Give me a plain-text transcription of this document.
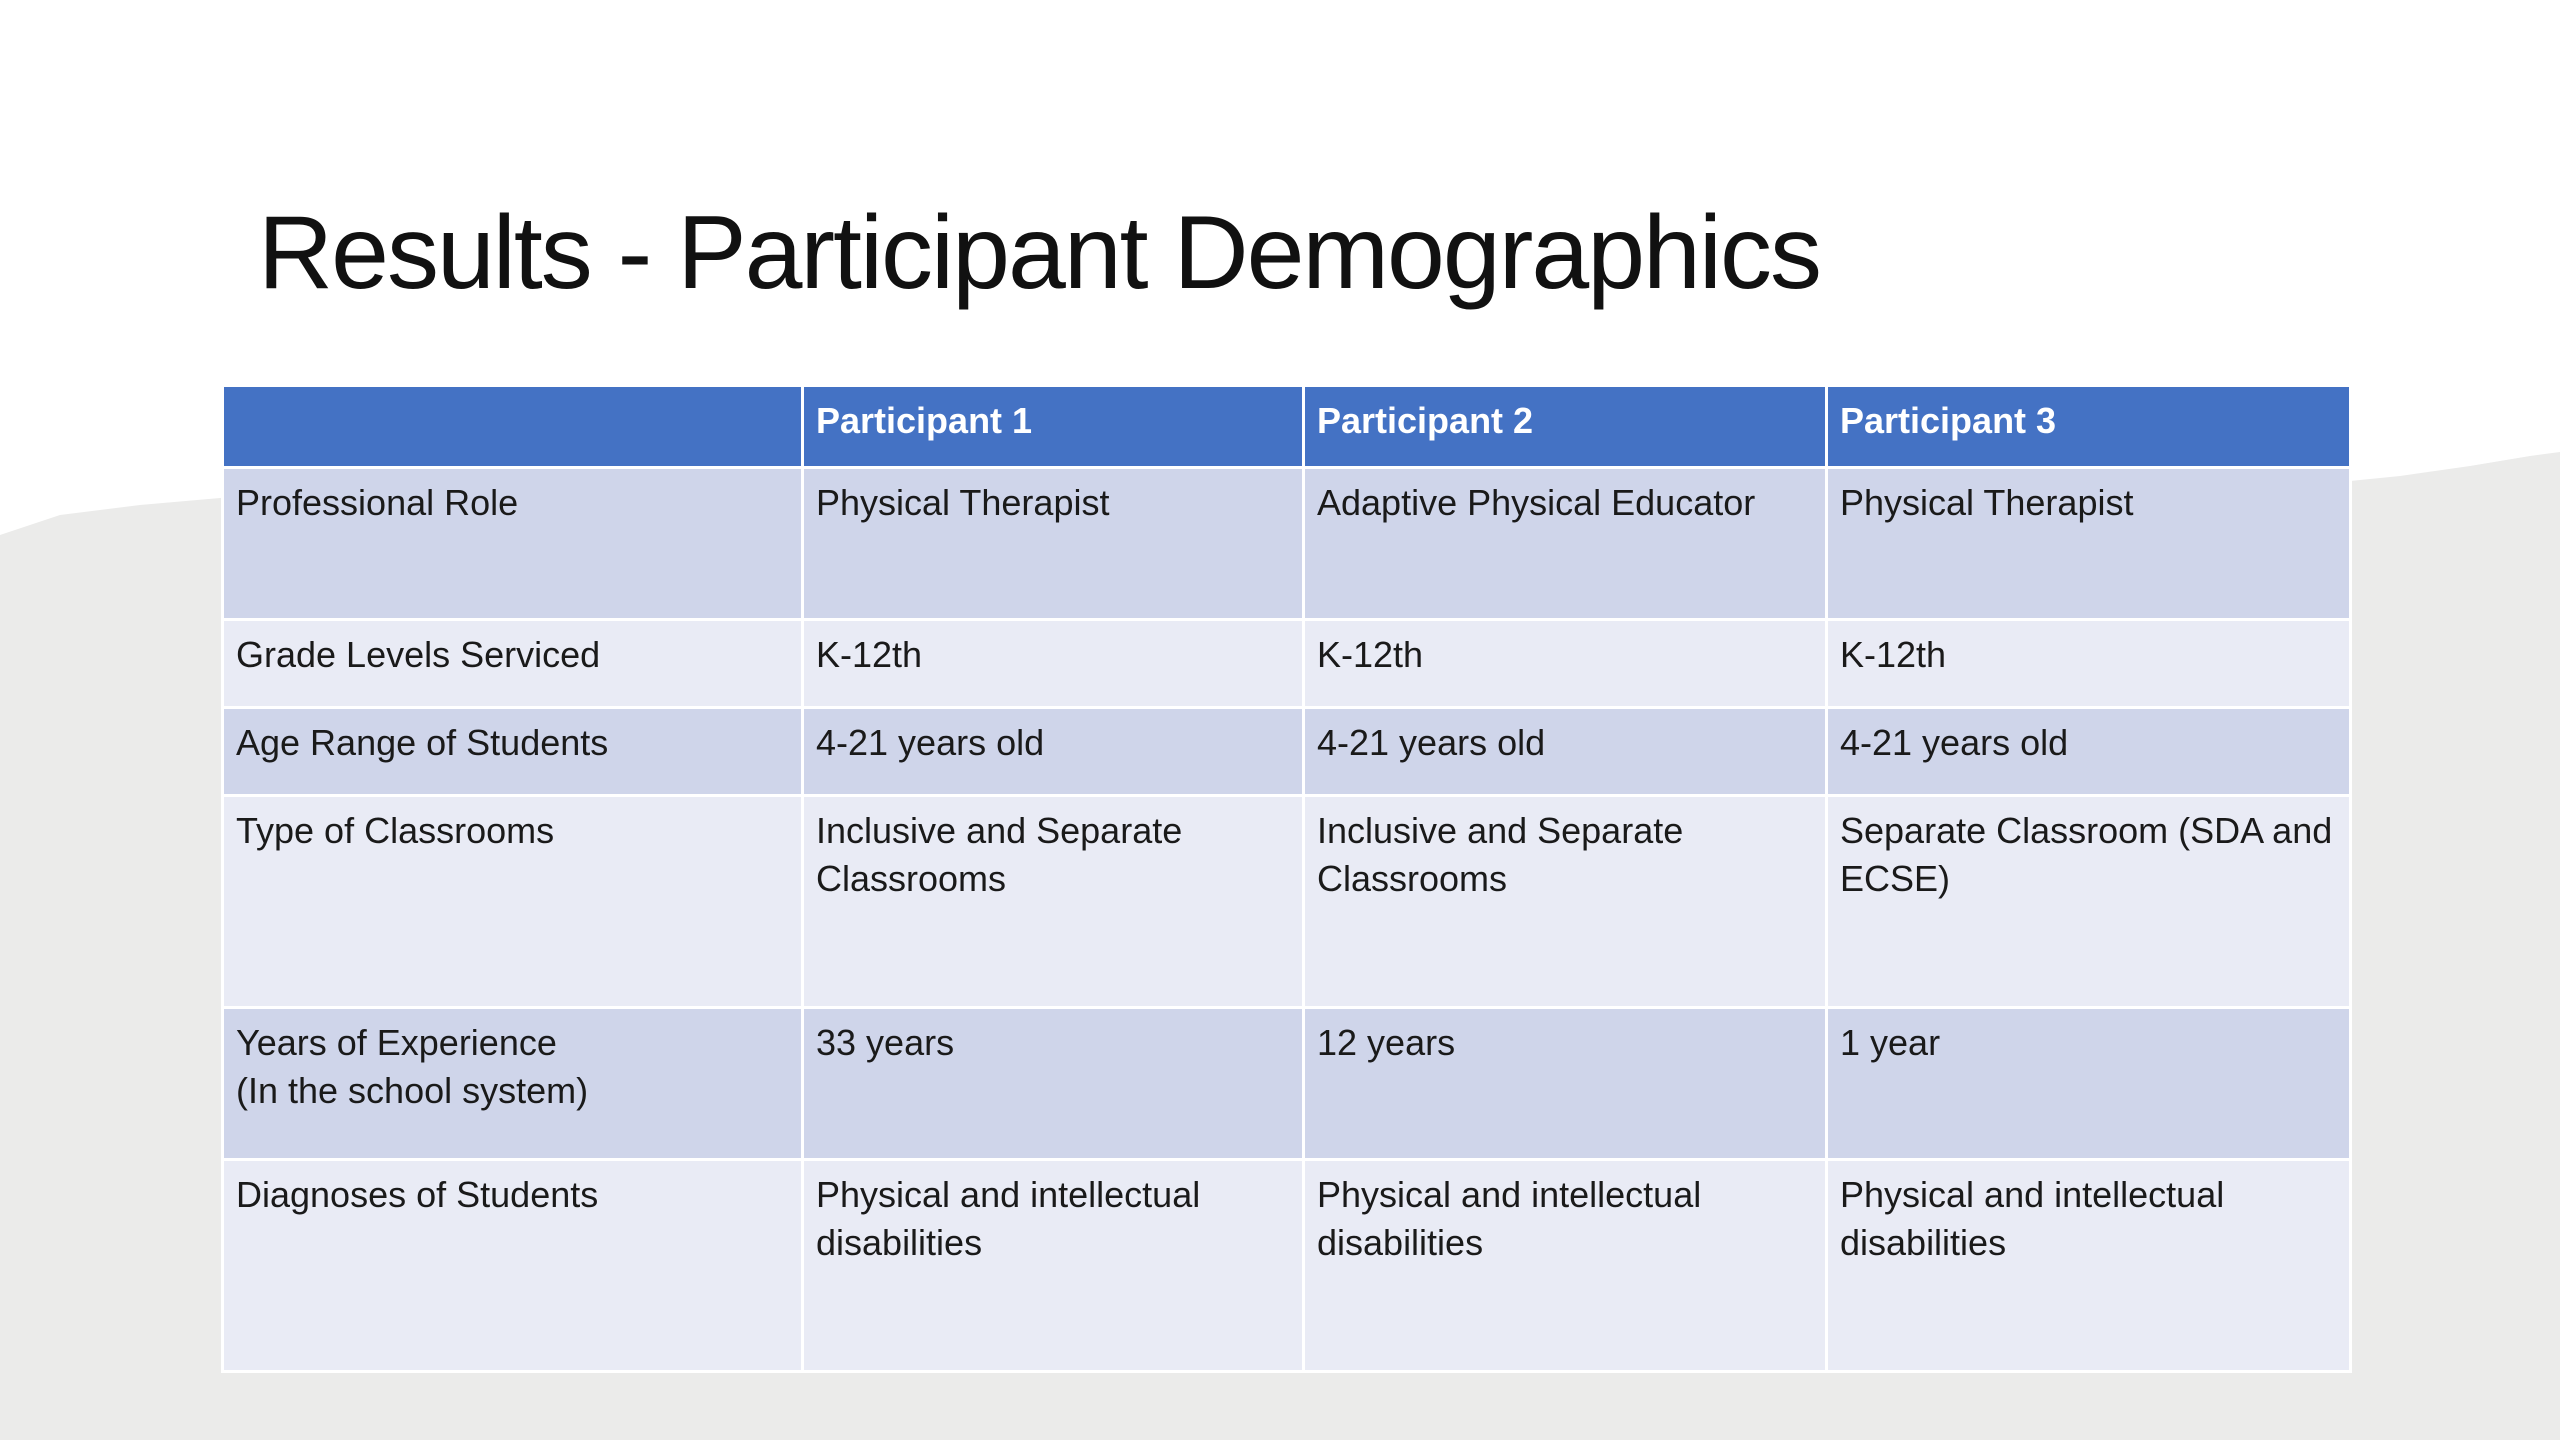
Results - Participant Demographics
	Participant 1	Participant 2	Participant 3
Professional Role	Physical Therapist	Adaptive Physical Educator	Physical Therapist
Grade Levels Serviced	K-12th	K-12th	K-12th
Age Range of Students	4-21 years old	4-21 years old	4-21 years old
Type of Classrooms	Inclusive and Separate Classrooms	Inclusive and Separate Classrooms	Separate Classroom (SDA and ECSE)
Years of Experience
(In the school system)	33 years	12 years	1 year
Diagnoses of Students	Physical and intellectual disabilities	Physical and intellectual disabilities	Physical and intellectual disabilities
